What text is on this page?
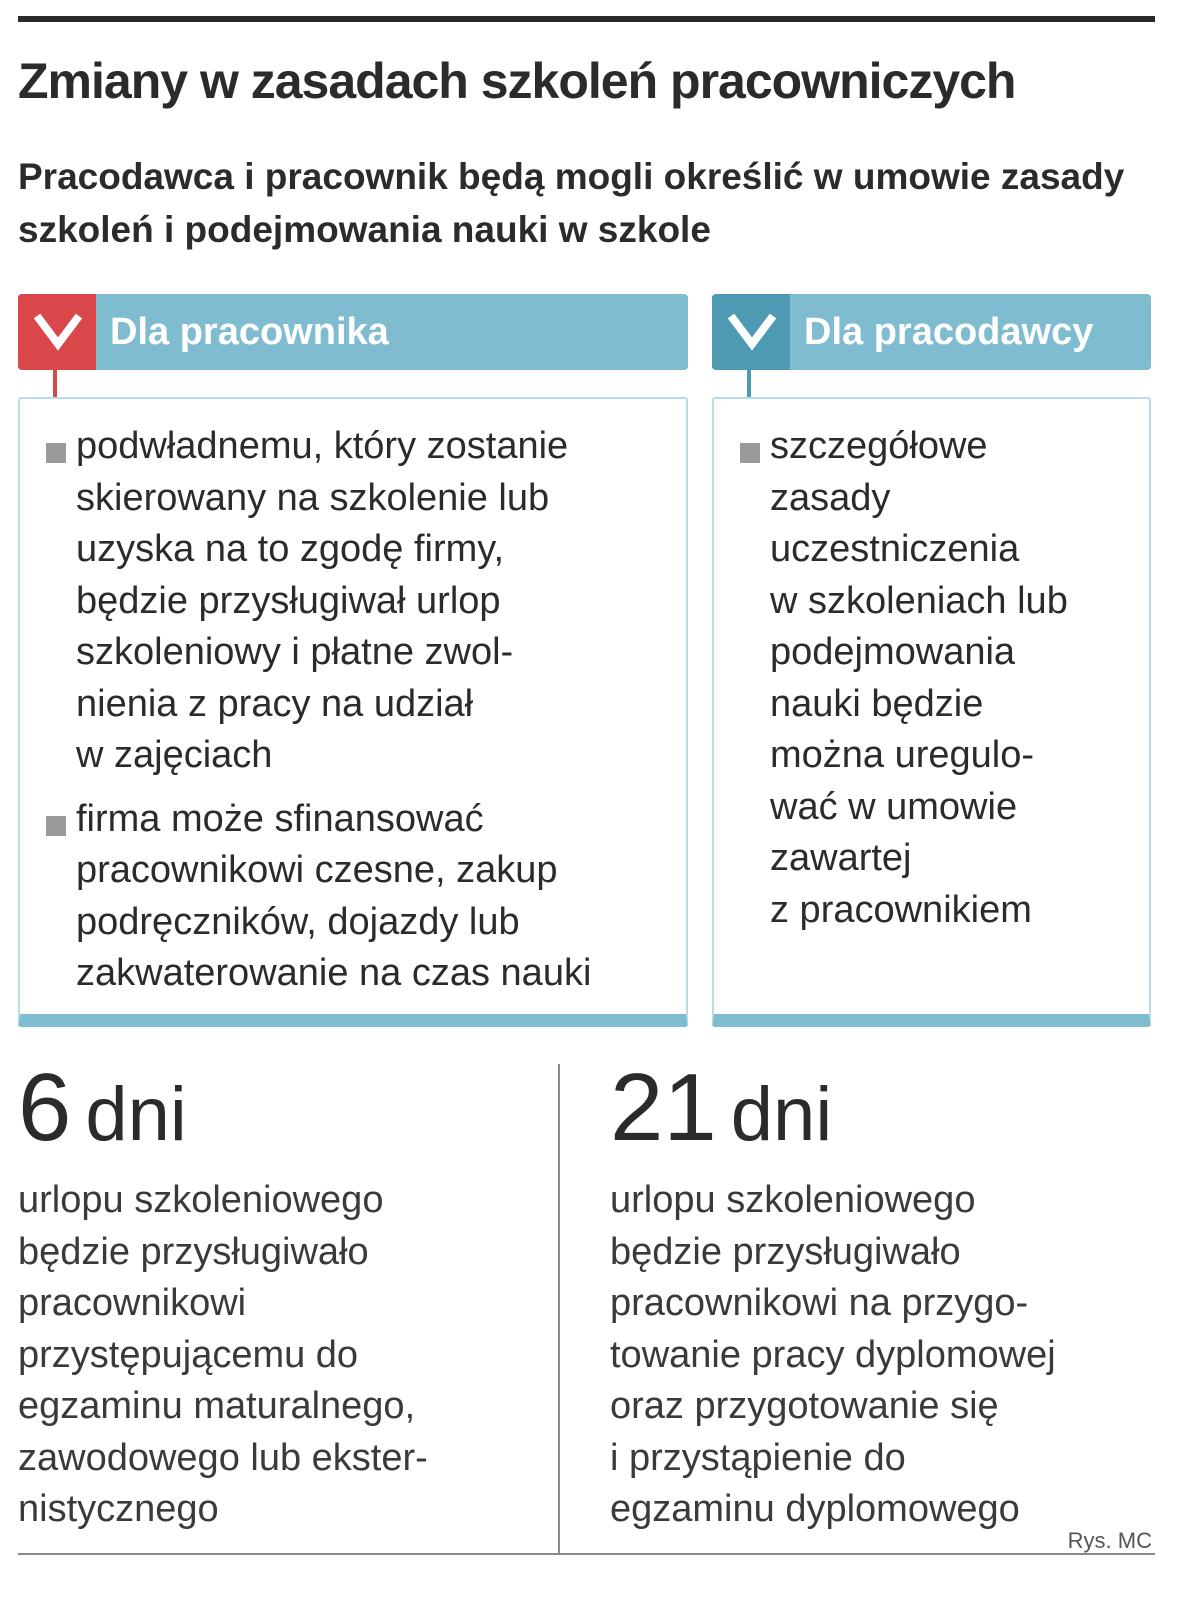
Zmiany w zasadach szkoleń pracowniczych
Pracodawca i pracownik będą mogli określić w umowie zasady szkoleń i podejmowania nauki w szkole
Dla pracownika
podwładnemu, który zostanie
skierowany na szkolenie lub
uzyska na to zgodę firmy,
będzie przysługiwał urlop
szkoleniowy i płatne zwol-
nienia z pracy na udział
w zajęciach
firma może sfinansować
pracownikowi czesne, zakup
podręczników, dojazdy lub
zakwaterowanie na czas nauki
Dla pracodawcy
szczegółowe
zasady
uczestniczenia
w szkoleniach lub
podejmowania
nauki będzie
można uregulo-
wać w umowie
zawartej
z pracownikiem
6 dni
urlopu szkoleniowego
będzie przysługiwało
pracownikowi
przystępującemu do
egzaminu maturalnego,
zawodowego lub ekster-
nistycznego
21 dni
urlopu szkoleniowego
będzie przysługiwało
pracownikowi na przygo-
towanie pracy dyplomowej
oraz przygotowanie się
i przystąpienie do
egzaminu dyplomowego
Rys. MC
